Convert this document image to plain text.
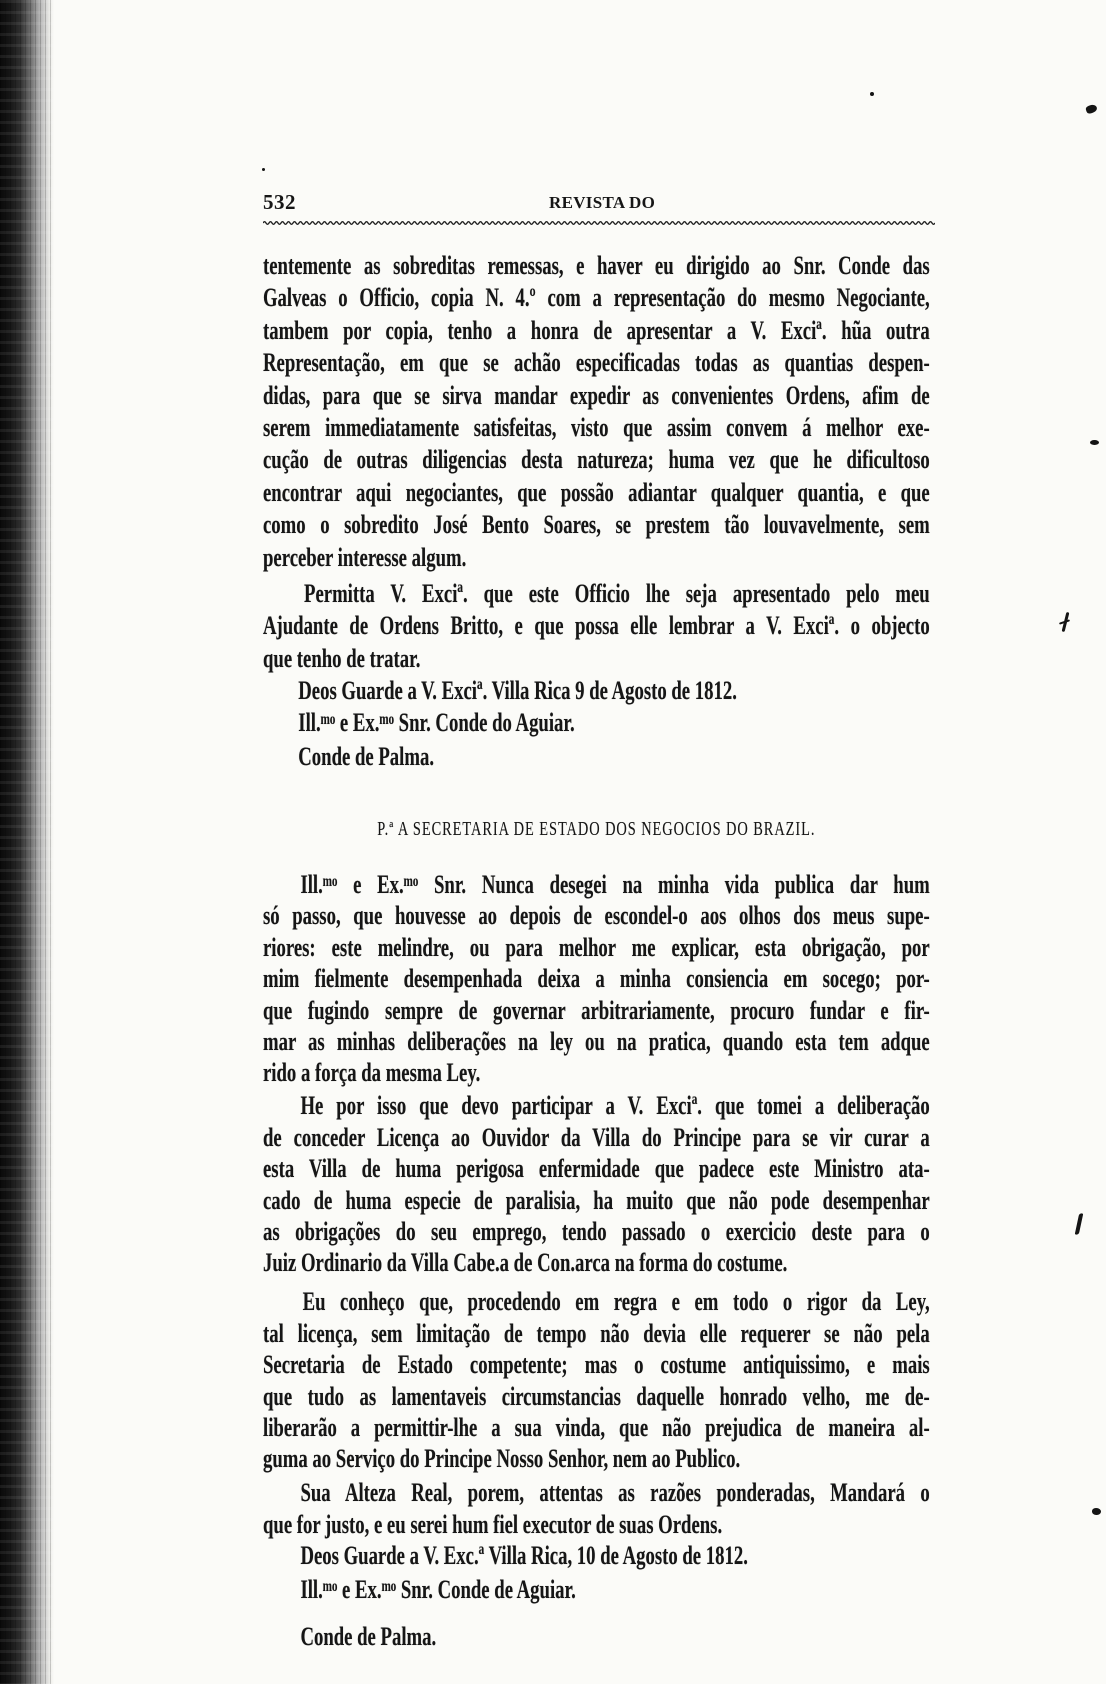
532	REVISTA DO
tentemente as sobreditas remessas, e haver eu dirigido ao Snr. Conde das
Galveas o Officio, copia N. 4.º com a representação do mesmo Negociante,
tambem por copia, tenho a honra de apresentar a V. Exciª. hũa outra
Representação, em que se achão especificadas todas as quantias despen-
didas, para que se sirva mandar expedir as convenientes Ordens, afim de
serem immediatamente satisfeitas, visto que assim convem á melhor exe-
cução de outras diligencias desta natureza; huma vez que he dificultoso
encontrar aqui negociantes, que possão adiantar qualquer quantia, e que
como o sobredito José Bento Soares, se prestem tão louvavelmente, sem
perceber interesse algum.
Permitta V. Exciª. que este Officio lhe seja apresentado pelo meu
Ajudante de Ordens Britto, e que possa elle lembrar a V. Exciª. o objecto
que tenho de tratar.
Deos Guarde a V. Exciª. Villa Rica 9 de Agosto de 1812.
Ill.ᵐᵒ e Ex.ᵐᵒ Snr. Conde do Aguiar.
Conde de Palma.
P.ª A SECRETARIA DE ESTADO DOS NEGOCIOS DO BRAZIL.
Ill.ᵐᵒ e Ex.ᵐᵒ Snr. Nunca desegei na minha vida publica dar hum
só passo, que houvesse ao depois de escondel-o aos olhos dos meus supe-
riores: este melindre, ou para melhor me explicar, esta obrigação, por
mim fielmente desempenhada deixa a minha consiencia em socego; por-
que fugindo sempre de governar arbitrariamente, procuro fundar e fir-
mar as minhas deliberações na ley ou na pratica, quando esta tem adque
rido a força da mesma Ley.
He por isso que devo participar a V. Exciª. que tomei a deliberação
de conceder Licença ao Ouvidor da Villa do Principe para se vir curar a
esta Villa de huma perigosa enfermidade que padece este Ministro ata-
cado de huma especie de paralisia, ha muito que não pode desempenhar
as obrigações do seu emprego, tendo passado o exercicio deste para o
Juiz Ordinario da Villa Cabe.a de Con.arca na forma do costume.
Eu conheço que, procedendo em regra e em todo o rigor da Ley,
tal licença, sem limitação de tempo não devia elle requerer se não pela
Secretaria de Estado competente; mas o costume antiquissimo, e mais
que tudo as lamentaveis circumstancias daquelle honrado velho, me de-
liberarão a permittir-lhe a sua vinda, que não prejudica de maneira al-
guma ao Serviço do Principe Nosso Senhor, nem ao Publico.
Sua Alteza Real, porem, attentas as razões ponderadas, Mandará o
que for justo, e eu serei hum fiel executor de suas Ordens.
Deos Guarde a V. Exc.ª Villa Rica, 10 de Agosto de 1812.
Ill.ᵐᵒ e Ex.ᵐᵒ Snr. Conde de Aguiar.
Conde de Palma.
